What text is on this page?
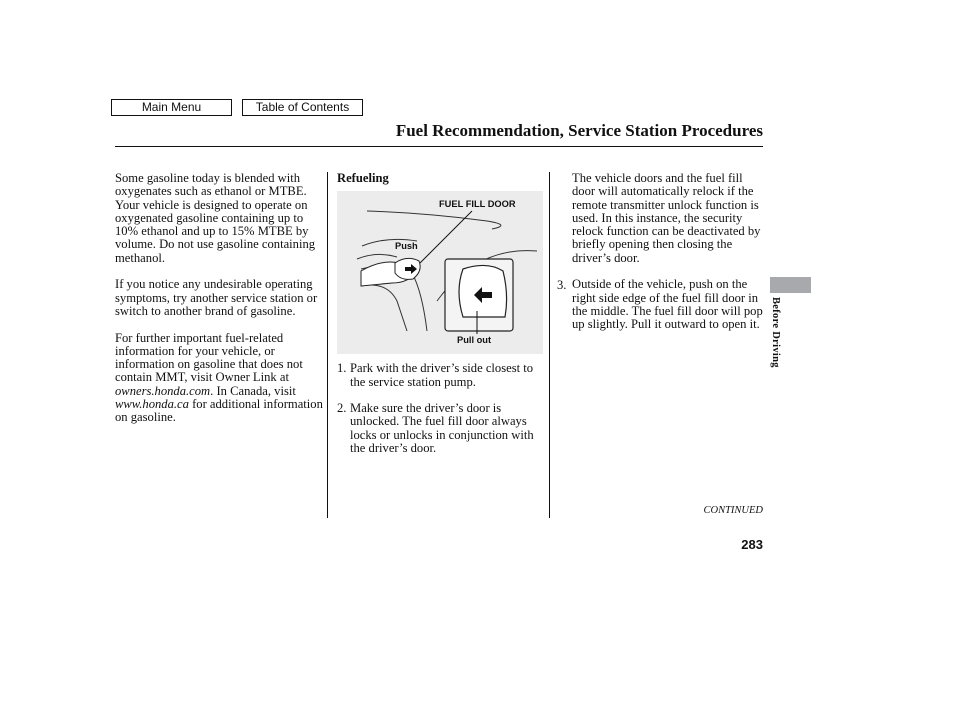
Main Menu	Table of Contents
Fuel Recommendation, Service Station Procedures

Some gasoline today is blended with oxygenates such as ethanol or MTBE. Your vehicle is designed to operate on oxygenated gasoline containing up to 10% ethanol and up to 15% MTBE by volume. Do not use gasoline containing methanol.

If you notice any undesirable operating symptoms, try another service station or switch to another brand of gasoline.

For further important fuel-related information for your vehicle, or information on gasoline that does not contain MMT, visit Owner Link at owners.honda.com. In Canada, visit www.honda.ca for additional information on gasoline.

Refueling
FUEL FILL DOOR
Push
Pull out
1. Park with the driver’s side closest to the service station pump.
2. Make sure the driver’s door is unlocked. The fuel fill door always locks or unlocks in conjunction with the driver’s door.

The vehicle doors and the fuel fill door will automatically relock if the remote transmitter unlock function is used. In this instance, the security relock function can be deactivated by briefly opening then closing the driver’s door.

3. Outside of the vehicle, push on the right side edge of the fuel fill door in the middle. The fuel fill door will pop up slightly. Pull it outward to open it.
CONTINUED
283
Before Driving
